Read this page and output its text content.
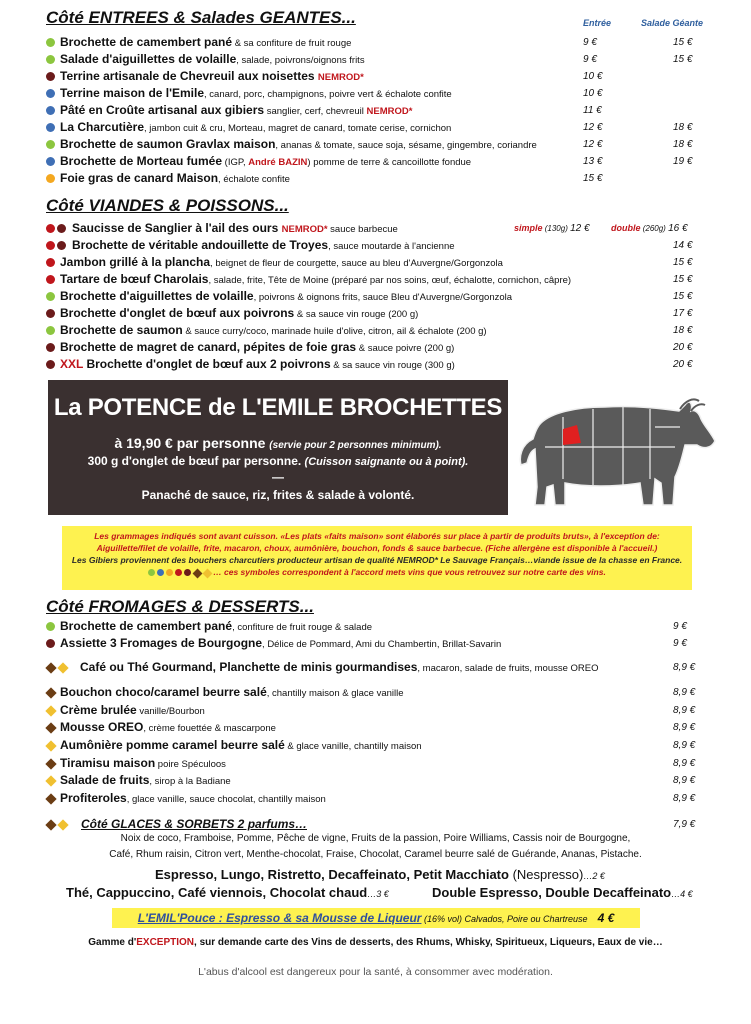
Côté ENTREES & Salades GEANTES...	Entrée	Salade Géante
Brochette de camembert pané & sa confiture de fruit rouge	9 €	15 €
Salade d'aiguillettes de volaille, salade, poivrons/oignons frits	9 €	15 €
Terrine artisanale de Chevreuil aux noisettes NEMROD*	10 €
Terrine maison de l'Emile, canard, porc, champignons, poivre vert & échalote confite	10 €
Pâté en Croûte artisanal aux gibiers sanglier, cerf, chevreuil NEMROD*	11 €
La Charcutière, jambon cuit & cru, Morteau, magret de canard, tomate cerise, cornichon	12 €	18 €
Brochette de saumon Gravlax maison, ananas & tomate, sauce soja, sésame, gingembre, coriandre	12 €	18 €
Brochette de Morteau fumée (IGP, André BAZIN) pomme de terre & cancoillotte fondue	13 €	19 €
Foie gras de canard Maison, échalote confite	15 €
Côté VIANDES & POISSONS...
Saucisse de Sanglier à l'ail des ours NEMROD* sauce barbecue	simple (130g) 12 € double (260g) 16 €
Brochette de véritable andouillette de Troyes, sauce moutarde à l'ancienne	14 €
Jambon grillé à la plancha, beignet de fleur de courgette, sauce au bleu d'Auvergne/Gorgonzola	15 €
Tartare de bœuf Charolais, salade, frite, Tête de Moine (préparé par nos soins, œuf, échalotte, cornichon, câpre)	15 €
Brochette d'aiguillettes de volaille, poivrons & oignons frits, sauce Bleu d'Auvergne/Gorgonzola	15 €
Brochette d'onglet de bœuf aux poivrons & sa sauce vin rouge (200 g)	17 €
Brochette de saumon & sauce curry/coco, marinade huile d'olive, citron, ail & échalote (200 g)	18 €
Brochette de magret de canard, pépites de foie gras & sauce poivre (200 g)	20 €
XXL Brochette d'onglet de bœuf aux 2 poivrons & sa sauce vin rouge (300 g)	20 €
La POTENCE de L'EMILE BROCHETTES
à 19,90 € par personne (servie pour 2 personnes minimum).
300 g d'onglet de bœuf par personne. (Cuisson saignante ou à point).
—
Panaché de sauce, riz, frites & salade à volonté.
Les grammages indiqués sont avant cuisson. «Les plats «faits maison» sont élaborés sur place à partir de produits bruts», à l'exception de:
Aiguillette/filet de volaille, frite, macaron, choux, aumônière, bouchon, fonds & sauce barbecue. (Fiche allergène est disponible à l'accueil.)
Les Gibiers proviennent des bouchers charcutiers producteur artisan de qualité NEMROD* Le Sauvage Français…viande issue de la chasse en France.
… ces symboles correspondent à l'accord mets vins que vous retrouvez sur notre carte des vins.
Côté FROMAGES & DESSERTS...
Brochette de camembert pané, confiture de fruit rouge & salade	9 €
Assiette 3 Fromages de Bourgogne, Délice de Pommard, Ami du Chambertin, Brillat-Savarin	9 €
Café ou Thé Gourmand, Planchette de minis gourmandises, macaron, salade de fruits, mousse OREO	8,9 €
Bouchon choco/caramel beurre salé, chantilly maison & glace vanille	8,9 €
Crème brulée vanille/Bourbon	8,9 €
Mousse OREO, crème fouettée & mascarpone	8,9 €
Aumônière pomme caramel beurre salé & glace vanille, chantilly maison	8,9 €
Tiramisu maison poire Spéculoos	8,9 €
Salade de fruits, sirop à la Badiane	8,9 €
Profiteroles, glace vanille, sauce chocolat, chantilly maison	8,9 €
Côté GLACES & SORBETS 2 parfums…	7,9 €
Noix de coco, Framboise, Pomme, Pêche de vigne, Fruits de la passion, Poire Williams, Cassis noir de Bourgogne,
Café, Rhum raisin, Citron vert, Menthe-chocolat, Fraise, Chocolat, Caramel beurre salé de Guérande, Ananas, Pistache.
Espresso, Lungo, Ristretto, Decaffeinato, Petit Macchiato (Nespresso)…2 €
Thé, Cappuccino, Café viennois, Chocolat chaud…3 €	Double Espresso, Double Decaffeinato…4 €
L'EMIL'Pouce : Espresso & sa Mousse de Liqueur (16% vol) Calvados, Poire ou Chartreuse 4 €
Gamme d'EXCEPTION, sur demande carte des Vins de desserts, des Rhums, Whisky, Spiritueux, Liqueurs, Eaux de vie…
L'abus d'alcool est dangereux pour la santé, à consommer avec modération.
